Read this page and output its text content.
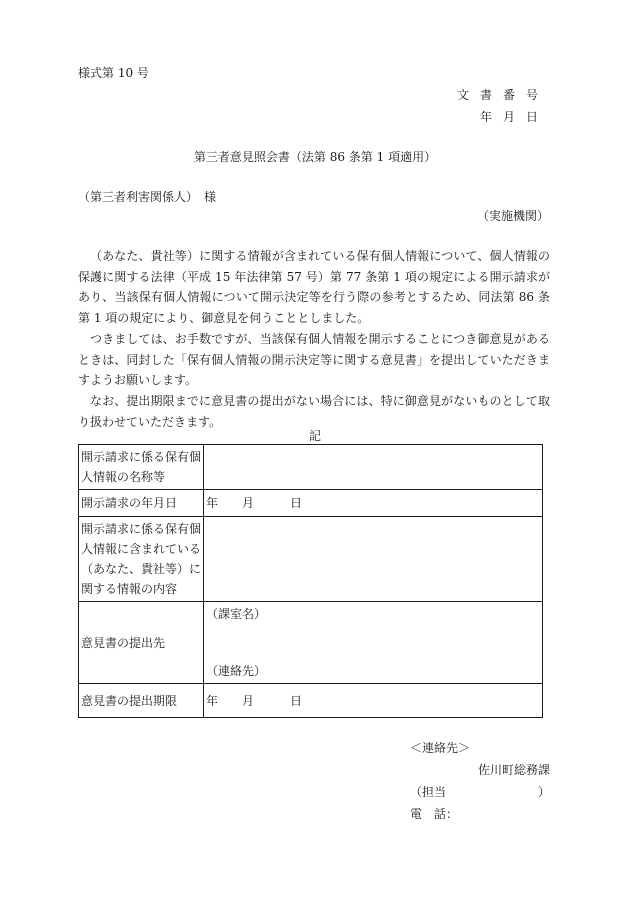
様式第 10 号
文書番号
年月日
第三者意見照会書（法第 86 条第 1 項適用）
（第三者利害関係人）　様
（実施機関）

（あなた、貴社等）に関する情報が含まれている保有個人情報について、個人情報の保護に関する法律（平成 15 年法律第 57 号）第 77 条第 1 項の規定による開示請求があり、当該保有個人情報について開示決定等を行う際の参考とするため、同法第 86 条第 1 項の規定により、御意見を伺うこととしました。

つきましては、お手数ですが、当該保有個人情報を開示することにつき御意見があるときは、同封した「保有個人情報の開示決定等に関する意見書」を提出していただきますようお願いします。

なお、提出期限までに意見書の提出がない場合には、特に御意見がないものとして取り扱わせていただきます。

記
開示請求に係る保有個人情報の名称等	
開示請求の年月日	年 月 日
開示請求に係る保有個人情報に含まれている（あなた、貴社等）に関する情報の内容	
意見書の提出先	（課室名）
（連絡先）

意見書の提出期限	年 月 日
＜連絡先＞
佐川町総務課
（担当	）
電　話：
